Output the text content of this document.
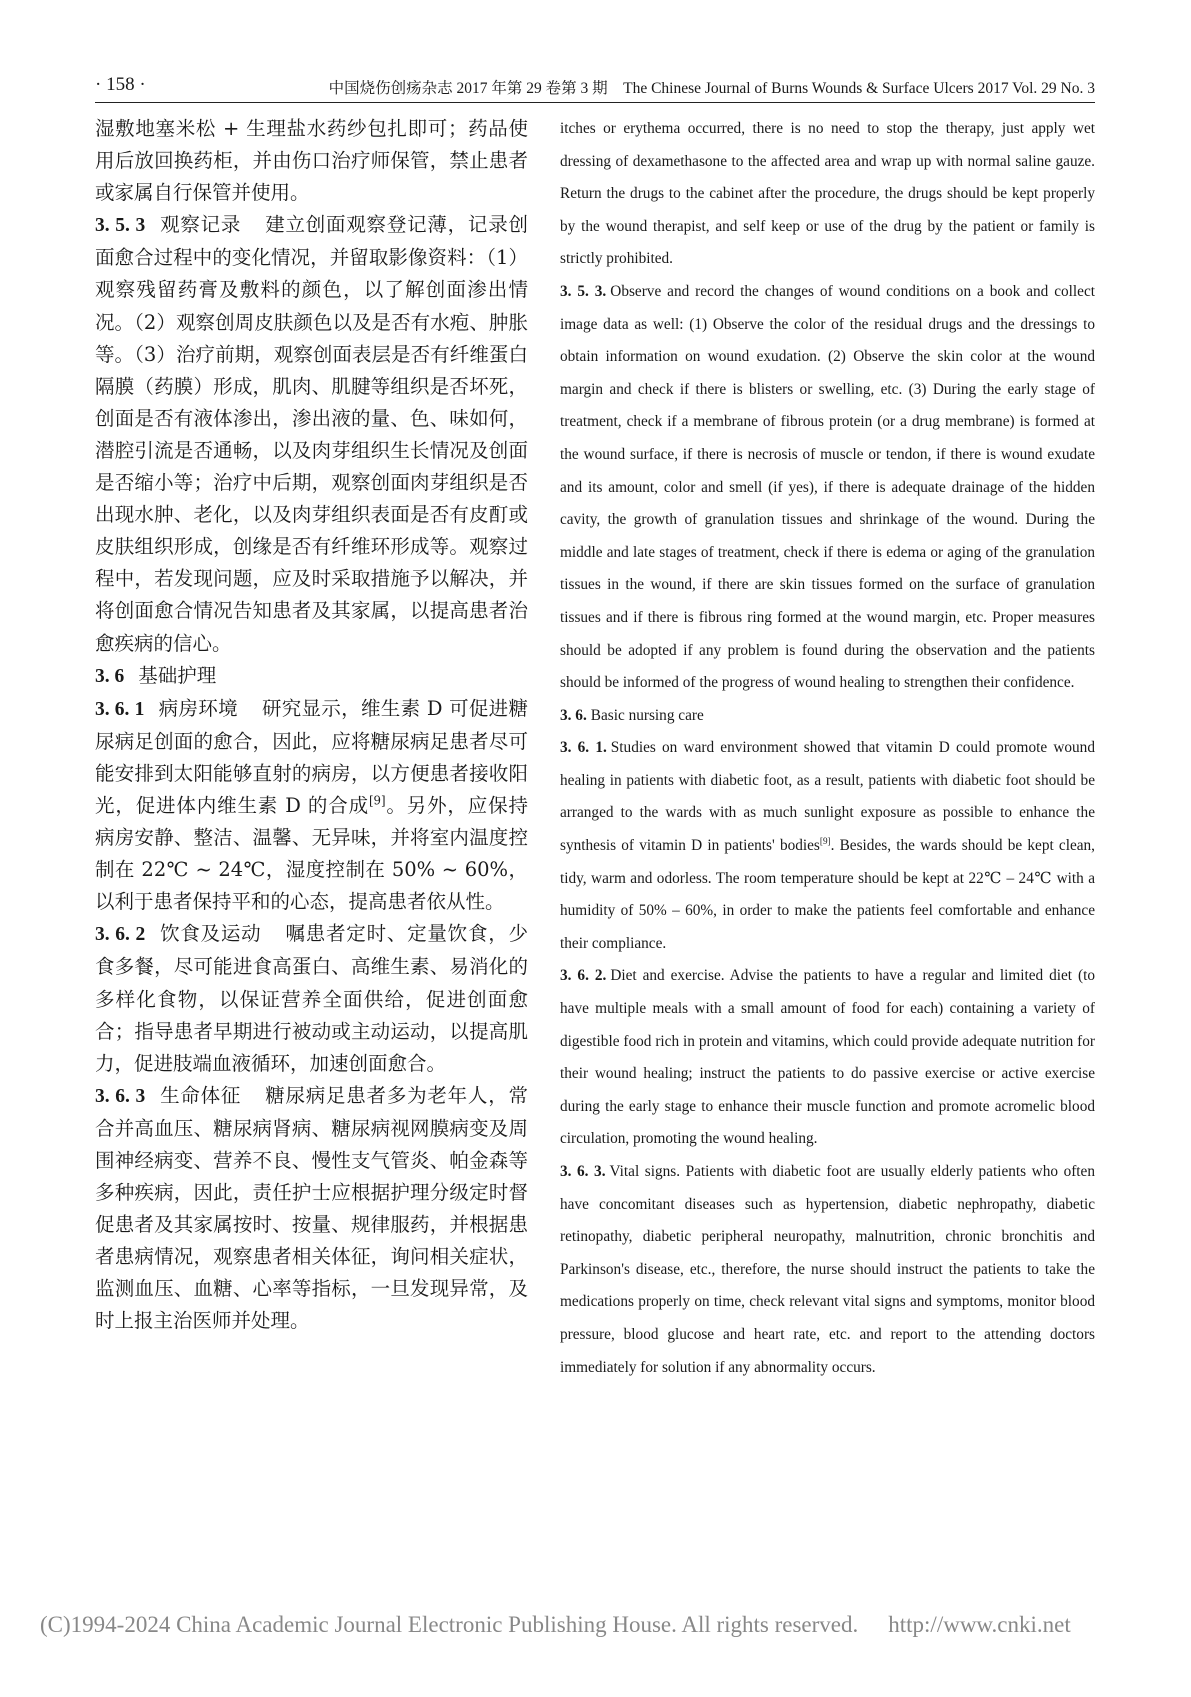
· 158 ·	中国烧伤创疡杂志 2017 年第 29 卷第 3 期　The Chinese Journal of Burns Wounds & Surface Ulcers 2017 Vol. 29 No. 3

湿敷地塞米松 + 生理盐水药纱包扎即可；药品使用后放回换药柜，并由伤口治疗师保管，禁止患者或家属自行保管并使用。

3. 5. 3 观察记录 建立创面观察登记薄，记录创面愈合过程中的变化情况，并留取影像资料：（1）观察残留药膏及敷料的颜色，以了解创面渗出情况。（2）观察创周皮肤颜色以及是否有水疱、肿胀等。（3）治疗前期，观察创面表层是否有纤维蛋白隔膜（药膜）形成，肌肉、肌腱等组织是否坏死，创面是否有液体渗出，渗出液的量、色、味如何，潜腔引流是否通畅，以及肉芽组织生长情况及创面是否缩小等；治疗中后期，观察创面肉芽组织是否出现水肿、老化，以及肉芽组织表面是否有皮酊或皮肤组织形成，创缘是否有纤维环形成等。观察过程中，若发现问题，应及时采取措施予以解决，并将创面愈合情况告知患者及其家属，以提高患者治愈疾病的信心。

3. 6 基础护理

3. 6. 1 病房环境 研究显示，维生素 D 可促进糖尿病足创面的愈合，因此，应将糖尿病足患者尽可能安排到太阳能够直射的病房，以方便患者接收阳光，促进体内维生素 D 的合成[9]。另外，应保持病房安静、整洁、温馨、无异味，并将室内温度控制在 22℃ ~ 24℃，湿度控制在 50% ~ 60%，以利于患者保持平和的心态，提高患者依从性。

3. 6. 2 饮食及运动 嘱患者定时、定量饮食，少食多餐，尽可能进食高蛋白、高维生素、易消化的多样化食物，以保证营养全面供给，促进创面愈合；指导患者早期进行被动或主动运动，以提高肌力，促进肢端血液循环，加速创面愈合。

3. 6. 3 生命体征 糖尿病足患者多为老年人，常合并高血压、糖尿病肾病、糖尿病视网膜病变及周围神经病变、营养不良、慢性支气管炎、帕金森等多种疾病，因此，责任护士应根据护理分级定时督促患者及其家属按时、按量、规律服药，并根据患者患病情况，观察患者相关体征，询问相关症状，监测血压、血糖、心率等指标，一旦发现异常，及时上报主治医师并处理。

itches or erythema occurred, there is no need to stop the therapy, just apply wet dressing of dexamethasone to the affected area and wrap up with normal saline gauze. Return the drugs to the cabinet after the procedure, the drugs should be kept properly by the wound therapist, and self keep or use of the drug by the patient or family is strictly prohibited.

3. 5. 3. Observe and record the changes of wound conditions on a book and collect image data as well: (1) Observe the color of the residual drugs and the dressings to obtain information on wound exudation. (2) Observe the skin color at the wound margin and check if there is blisters or swelling, etc. (3) During the early stage of treatment, check if a membrane of fibrous protein (or a drug membrane) is formed at the wound surface, if there is necrosis of muscle or tendon, if there is wound exudate and its amount, color and smell (if yes), if there is adequate drainage of the hidden cavity, the growth of granulation tissues and shrinkage of the wound. During the middle and late stages of treatment, check if there is edema or aging of the granulation tissues in the wound, if there are skin tissues formed on the surface of granulation tissues and if there is fibrous ring formed at the wound margin, etc. Proper measures should be adopted if any problem is found during the observation and the patients should be informed of the progress of wound healing to strengthen their confidence.

3. 6. Basic nursing care

3. 6. 1. Studies on ward environment showed that vitamin D could promote wound healing in patients with diabetic foot, as a result, patients with diabetic foot should be arranged to the wards with as much sunlight exposure as possible to enhance the synthesis of vitamin D in patients' bodies[9]. Besides, the wards should be kept clean, tidy, warm and odorless. The room temperature should be kept at 22℃ – 24℃ with a humidity of 50% – 60%, in order to make the patients feel comfortable and enhance their compliance.

3. 6. 2. Diet and exercise. Advise the patients to have a regular and limited diet (to have multiple meals with a small amount of food for each) containing a variety of digestible food rich in protein and vitamins, which could provide adequate nutrition for their wound healing; instruct the patients to do passive exercise or active exercise during the early stage to enhance their muscle function and promote acromelic blood circulation, promoting the wound healing.

3. 6. 3. Vital signs. Patients with diabetic foot are usually elderly patients who often have concomitant diseases such as hypertension, diabetic nephropathy, diabetic retinopathy, diabetic peripheral neuropathy, malnutrition, chronic bronchitis and Parkinson's disease, etc., therefore, the nurse should instruct the patients to take the medications properly on time, check relevant vital signs and symptoms, monitor blood pressure, blood glucose and heart rate, etc. and report to the attending doctors immediately for solution if any abnormality occurs.

(C)1994-2024 China Academic Journal Electronic Publishing House. All rights reserved. http://www.cnki.net
